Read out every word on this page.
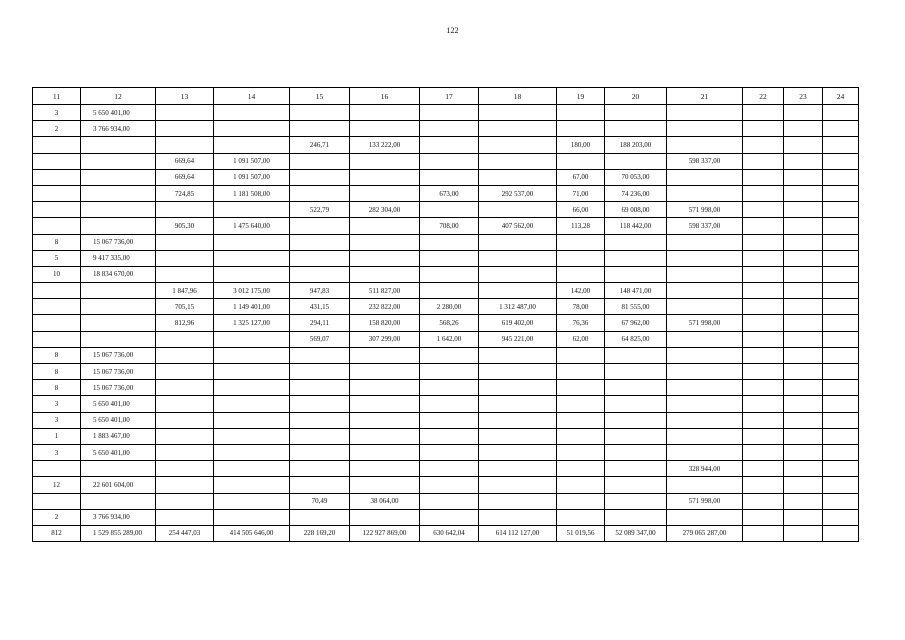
122
11	12	13	14	15	16	17	18	19	20	21	22	23	24
3	5 650 401,00												
2	3 766 934,00												
				246,71	133 222,00			180,00	188 203,00				
		669,64	1 091 507,00							598 337,00			
		669,64	1 091 507,00					67,00	70 053,00				
		724,85	1 181 508,00			673,00	292 537,00	71,00	74 236,00				
				522,79	282 304,00			66,00	69 008,00	571 998,00			
		905,30	1 475 640,00			708,00	407 562,00	113,28	118 442,00	598 337,00			
8	15 067 736,00												
5	9 417 335,00												
10	18 834 670,00												
		1 847,96	3 012 175,00	947,83	511 827,00			142,00	148 471,00				
		705,15	1 149 401,00	431,15	232 822,00	2 280,00	1 312 487,00	78,00	81 555,00				
		812,96	1 325 127,00	294,11	158 820,00	568,26	619 402,00	76,36	67 962,00	571 998,00			
				569,07	307 299,00	1 642,00	945 221,00	62,00	64 825,00				
8	15 067 736,00												
8	15 067 736,00												
8	15 067 736,00												
3	5 650 401,00												
3	5 650 401,00												
1	1 883 467,00												
3	5 650 401,00												
										328 944,00			
12	22 601 604,00												
				70,49	38 064,00					571 998,00			
2	3 766 934,00												
812	1 529 855 289,00	254 447,03	414 505 646,00	228 169,20	122 927 869,00	630 642,04	614 112 127,00	51 019,56	52 089 347,00	279 065 287,00			
